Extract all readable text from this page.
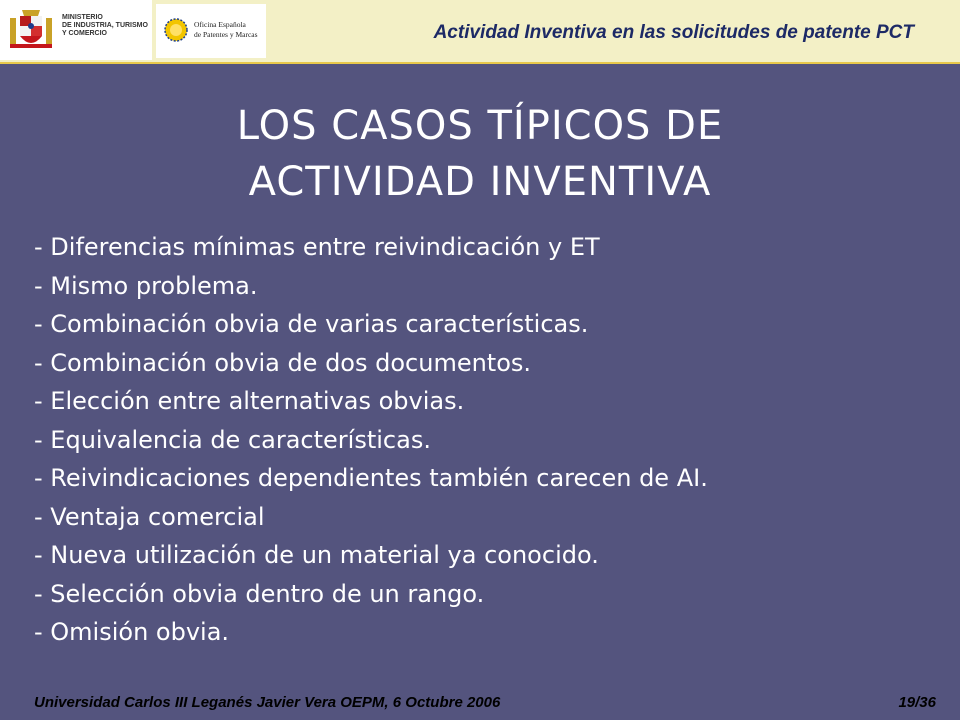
MINISTERIO
DE INDUSTRIA, TURISMO
Y COMERCIO
Oficina Española
de Patentes y Marcas	Actividad Inventiva en las solicitudes de patente PCT
LOS CASOS TÍPICOS DE
ACTIVIDAD INVENTIVA
- Diferencias mínimas entre reivindicación y ET
- Mismo problema.
- Combinación obvia de varias características.
- Combinación obvia de dos documentos.
- Elección entre alternativas obvias.
- Equivalencia de características.
- Reivindicaciones dependientes también carecen de AI.
- Ventaja comercial
- Nueva utilización de un material ya conocido.
- Selección obvia dentro de un rango.
- Omisión obvia.
Universidad Carlos III Leganés Javier Vera OEPM, 6 Octubre 2006	19/36
